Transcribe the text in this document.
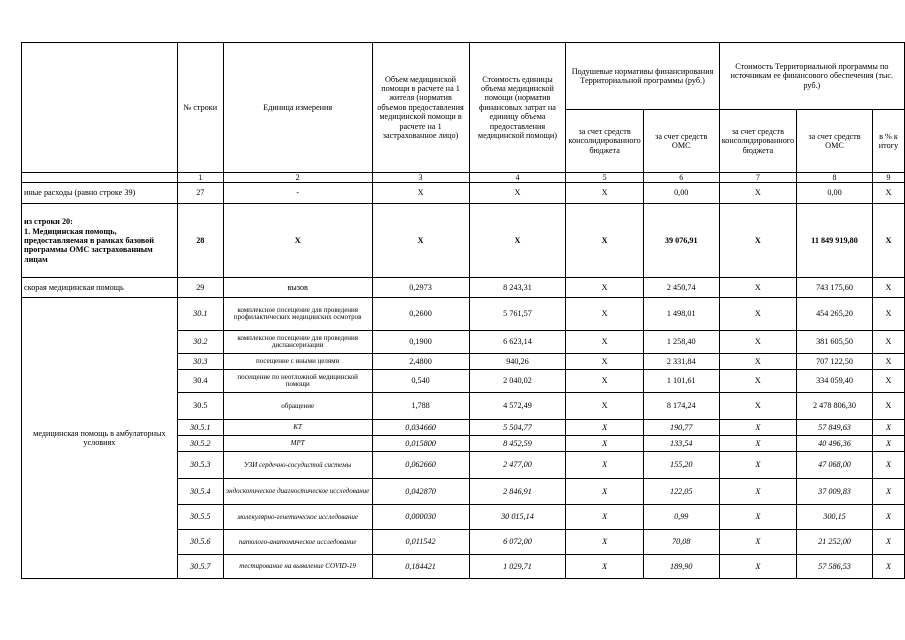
	№ строки	Единица измерения	Объем медицинской помощи в расчете на 1 жителя (норматив объемов предоставления медицинской помощи в расчете на 1 застрахованное лицо)	Стоимость единицы объема медицинской помощи (норматив финансовых затрат на единицу объема предоставления медицинской помощи)	Подушевые нормативы финансирования Территориальной программы (руб.)		Стоимость Территориальной программы по источникам ее финансового обеспечения (тыс. руб.)		
					за счет средств консолидированного бюджета	за счет средств ОМС	за счет средств консолидированного бюджета	за счет средств ОМС	в % к итогу
	1	2	3	4	5	6	7	8	9
иные расходы (равно строке 39)	27	-	X	X	X	0,00	X	0,00	X
из строки 20:
1. Медицинская помощь, предоставляемая в рамках базовой программы ОМС застрахованным лицам	28	X	X	X	X	39 076,91	X	11 849 919,80	X
скорая медицинская помощь	29	вызов	0,2973	8 243,31	X	2 450,74	X	743 175,60	X
медицинская помощь в амбулаторных условиях	30.1	комплексное посещение для проведения профилактических медицинских осмотров	0,2600	5 761,57	X	1 498,01	X	454 265,20	X
	30.2	комплексное посещение для проведения диспансеризации	0,1900	6 623,14	X	1 258,40	X	381 605,50	X
	30.3	посещение с иными целями	2,4800	940,26	X	2 331,84	X	707 122,50	X
	30.4	посещение по неотложной медицинской помощи	0,540	2 040,02	X	1 101,61	X	334 059,40	X
	30.5	обращение	1,788	4 572,49	X	8 174,24	X	2 478 806,30	X
	30.5.1	КТ	0,034660	5 504,77	X	190,77	X	57 849,63	X
	30.5.2	МРТ	0,015800	8 452,59	X	133,54	X	40 496,36	X
	30.5.3	УЗИ сердечно-сосудистой системы	0,062660	2 477,00	X	155,20	X	47 068,00	X
	30.5.4	эндоскопическое диагностическое исследование	0,042870	2 846,91	X	122,05	X	37 009,83	X
	30.5.5	молекулярно-генетическое исследование	0,000030	30 015,14	X	0,99	X	300,15	X
	30.5.6	патолого-анатомическое исследование	0,011542	6 072,00	X	70,08	X	21 252,00	X
	30.5.7	тестирование на выявление COVID-19	0,184421	1 029,71	X	189,90	X	57 586,53	X
